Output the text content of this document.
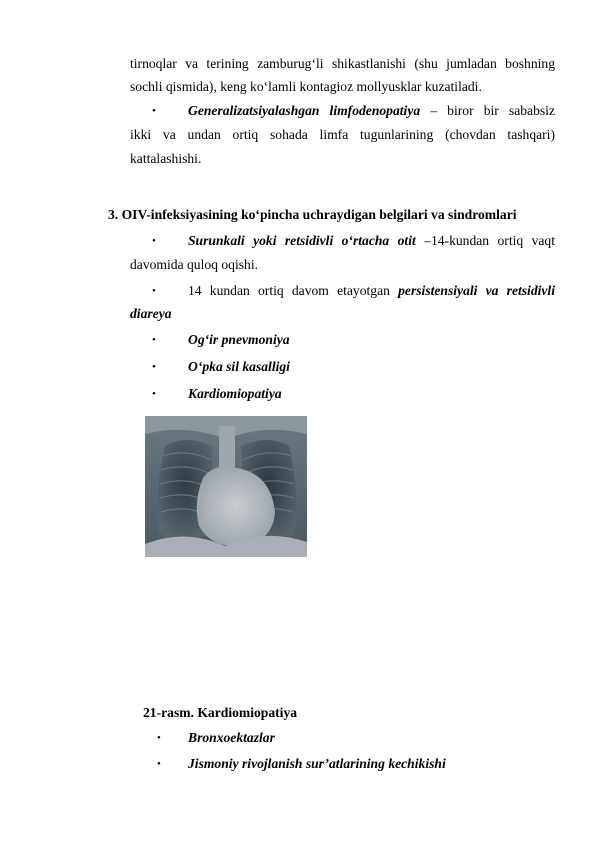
tirnoqlar va terining zamburug‘li shikastlanishi (shu jumladan boshning
sochli qismida), keng ko‘lamli kontagioz mollyusklar kuzatiladi.
• Generalizatsiyalashgan limfodenopatiya – biror bir sababsiz
ikki va undan ortiq sohada limfa tugunlarining (chovdan tashqari)
kattalashishi.
3. OIV-infeksiyasining ko‘pincha uchraydigan belgilari va sindromlari
• Surunkali yoki retsidivli o‘rtacha otit –14-kundan ortiq vaqt
davomida quloq oqishi.
• 14 kundan ortiq davom etayotgan persistensiyali va retsidivli
diareya
• Og‘ir pnevmoniya
• O‘pka sil kasalligi
• Kardiomiopatiya
21-rasm. Kardiomiopatiya
• Bronxoektazlar
• Jismoniy rivojlanish sur’atlarining kechikishi
